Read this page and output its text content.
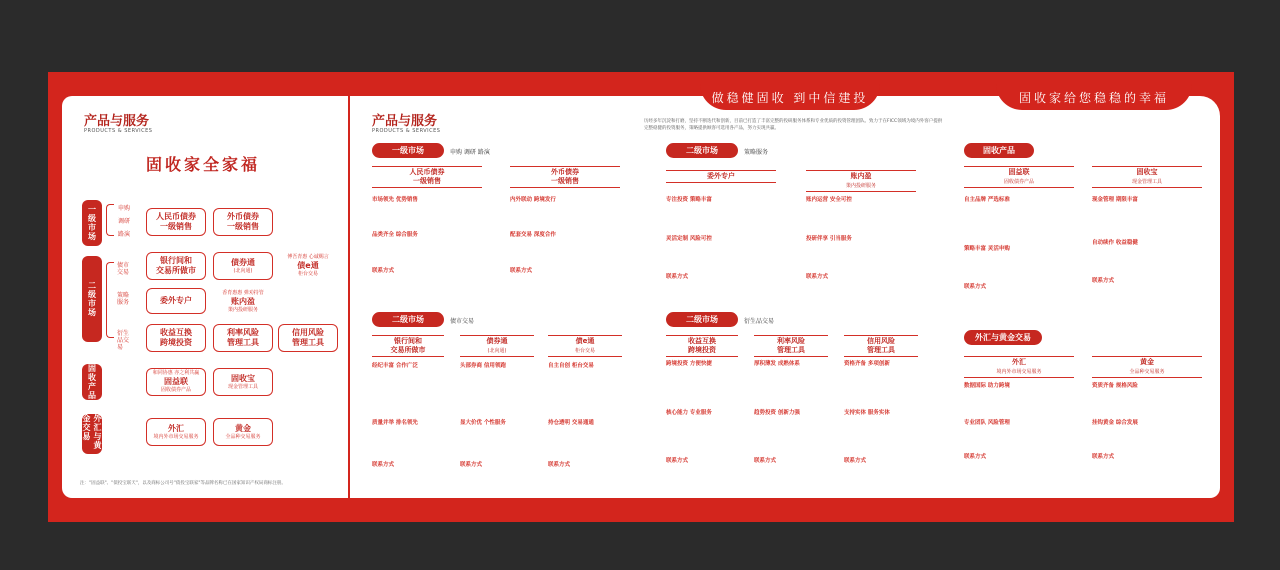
产品与服务
PRODUCTS & SERVICES
固收家全家福
一级市场	申购
调研
路演
二级市场
债市交易
策略服务
衍生品交易
固收产品
外汇与黄金交易
人民币债券
一级销售
外币债券
一级销售
银行间和
交易所做市
债券通
(北向通)
傅吾青惠 心诚赐言
债e通
柜台交易
委外专户
香育惠惠 弹劝持管
账内盈
策内投研服务
收益互换
跨境投资
利率风险
管理工具
信用风险
管理工具
和同协惠 亦之利共赢
固益联
固收债券产品
固收宝
现金管理工具
外汇
境内外市场交易服务
黄金
全品种交易服务
注："固益联"、"债投宝联天"，以及商标公司号"债投宝联家"等品牌名称已在国家知识产权局商标注册。
做稳健固收 到中信建投	固收家给您稳稳的幸福
产品与服务
PRODUCTS & SERVICES
历经多年沉淀和打磨，坚持不断迭代和创新，目前已打造了丰富完整的投研服务体系和专业优质的投资管理团队。致力于在FICC领域为境内外客户提供完整稳健的投资服务，策略提供顾客可选用各产品，努力实现共赢。
一级市场	申购 调研 路演
二级市场	债市交易
二级市场	策略服务
二级市场	衍生品交易
固收产品
外汇与黄金交易
人民币债券
一级销售
市场领先 优势销售
品类齐全 综合服务
联系方式
外币债券
一级销售
内外联动 跨境发行
配套交易 深度合作
联系方式
银行间和
交易所做市
经纪丰富 合作广泛
质量并举 排名领先
联系方式
债券通
(北向通)
头部券商 信用领跑
显大价优 个性服务
联系方式
债e通
柜台交易
自主自创 柜台交易
持仓透明 交易通通
联系方式
委外专户
专注投资 策略丰富
灵活定制 风险可控
联系方式
账内盈
策内投研服务
账内运营 安全可控
投研伴享 引当服务
联系方式
收益互换
跨境投资
跨境投资 方便快捷
核心能力 专业服务
联系方式
利率风险
管理工具
厚积薄发 成熟体系
趋势投资 创新力强
联系方式
信用风险
管理工具
资格齐备 多项创新
支持实体 服务实体
联系方式
固益联
固收债券产品
自主品牌 严选标准
策略丰富 灵活申购
联系方式
固收宝
现金管理工具
现金管理 期限丰富
自动续作 收益稳健
联系方式
外汇
境内外市场交易服务
数据国际 助力跨境
专业团队 风险管理
联系方式
黄金
全品种交易服务
资质齐备 规格风险
挂钩黄金 综合发展
联系方式
